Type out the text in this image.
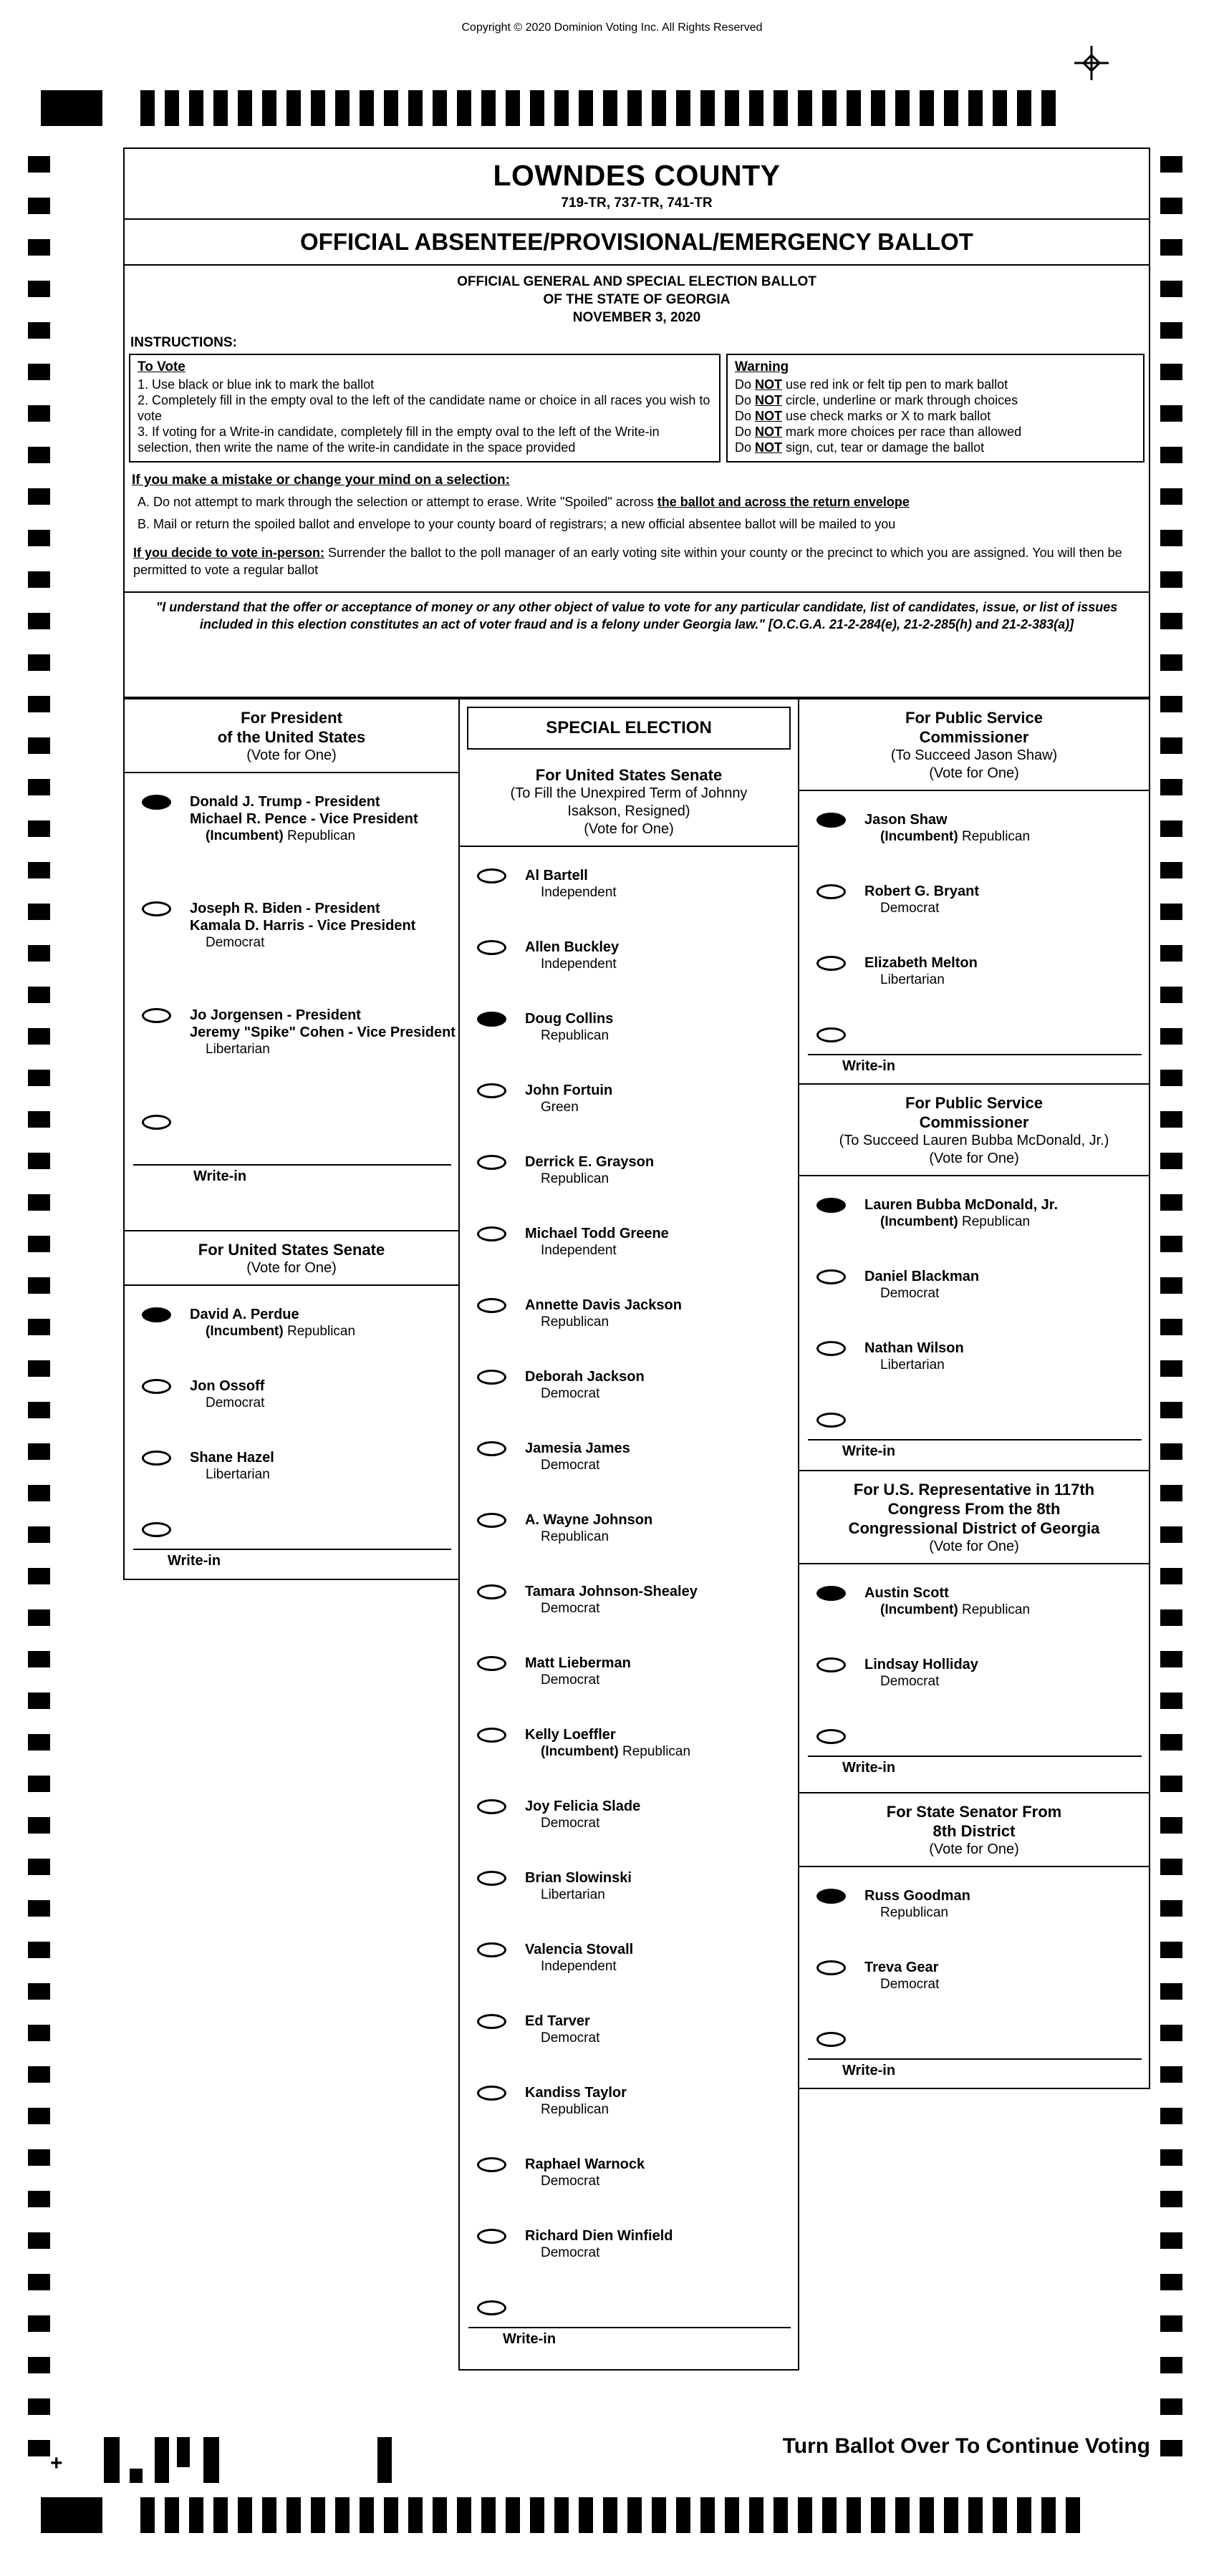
Copyright © 2020 Dominion Voting Inc. All Rights Reserved
LOWNDES COUNTY
719-TR, 737-TR, 741-TR
OFFICIAL ABSENTEE/PROVISIONAL/EMERGENCY BALLOT
OFFICIAL GENERAL AND SPECIAL ELECTION BALLOT
OF THE STATE OF GEORGIA
NOVEMBER 3, 2020
INSTRUCTIONS:
To Vote
1. Use black or blue ink to mark the ballot
2. Completely fill in the empty oval to the left of the candidate name or choice in all races you wish to vote
3. If voting for a Write-in candidate, completely fill in the empty oval to the left of the Write-in selection, then write the name of the write-in candidate in the space provided
Warning
Do NOT use red ink or felt tip pen to mark ballot
Do NOT circle, underline or mark through choices
Do NOT use check marks or X to mark ballot
Do NOT mark more choices per race than allowed
Do NOT sign, cut, tear or damage the ballot
If you make a mistake or change your mind on a selection:
A. Do not attempt to mark through the selection or attempt to erase. Write "Spoiled" across the ballot and across the return envelope
B. Mail or return the spoiled ballot and envelope to your county board of registrars; a new official absentee ballot will be mailed to you
If you decide to vote in-person: Surrender the ballot to the poll manager of an early voting site within your county or the precinct to which you are assigned. You will then be permitted to vote a regular ballot
"I understand that the offer or acceptance of money or any other object of value to vote for any particular candidate, list of candidates, issue, or list of issues included in this election constitutes an act of voter fraud and is a felony under Georgia law." [O.C.G.A. 21-2-284(e), 21-2-285(h) and 21-2-383(a)]
For President
of the United States
(Vote for One)
Donald J. Trump - President
Michael R. Pence - Vice President
(Incumbent) Republican
Joseph R. Biden - President
Kamala D. Harris - Vice President
Democrat
Jo Jorgensen - President
Jeremy "Spike" Cohen - Vice President
Libertarian
Write-in
For United States Senate
(Vote for One)
David A. Perdue
(Incumbent) Republican
Jon Ossoff
Democrat
Shane Hazel
Libertarian
Write-in
SPECIAL ELECTION
For United States Senate
(To Fill the Unexpired Term of Johnny
Isakson, Resigned)
(Vote for One)
Al Bartell
Independent
Allen Buckley
Independent
Doug Collins
Republican
John Fortuin
Green
Derrick E. Grayson
Republican
Michael Todd Greene
Independent
Annette Davis Jackson
Republican
Deborah Jackson
Democrat
Jamesia James
Democrat
A. Wayne Johnson
Republican
Tamara Johnson-Shealey
Democrat
Matt Lieberman
Democrat
Kelly Loeffler
(Incumbent) Republican
Joy Felicia Slade
Democrat
Brian Slowinski
Libertarian
Valencia Stovall
Independent
Ed Tarver
Democrat
Kandiss Taylor
Republican
Raphael Warnock
Democrat
Richard Dien Winfield
Democrat
Write-in
For Public Service
Commissioner
(To Succeed Jason Shaw)
(Vote for One)
Jason Shaw
(Incumbent) Republican
Robert G. Bryant
Democrat
Elizabeth Melton
Libertarian
Write-in
For Public Service
Commissioner
(To Succeed Lauren Bubba McDonald, Jr.)
(Vote for One)
Lauren Bubba McDonald, Jr.
(Incumbent) Republican
Daniel Blackman
Democrat
Nathan Wilson
Libertarian
Write-in
For U.S. Representative in 117th
Congress From the 8th
Congressional District of Georgia
(Vote for One)
Austin Scott
(Incumbent) Republican
Lindsay Holliday
Democrat
Write-in
For State Senator From
8th District
(Vote for One)
Russ Goodman
Republican
Treva Gear
Democrat
Write-in
+
Turn Ballot Over To Continue Voting
